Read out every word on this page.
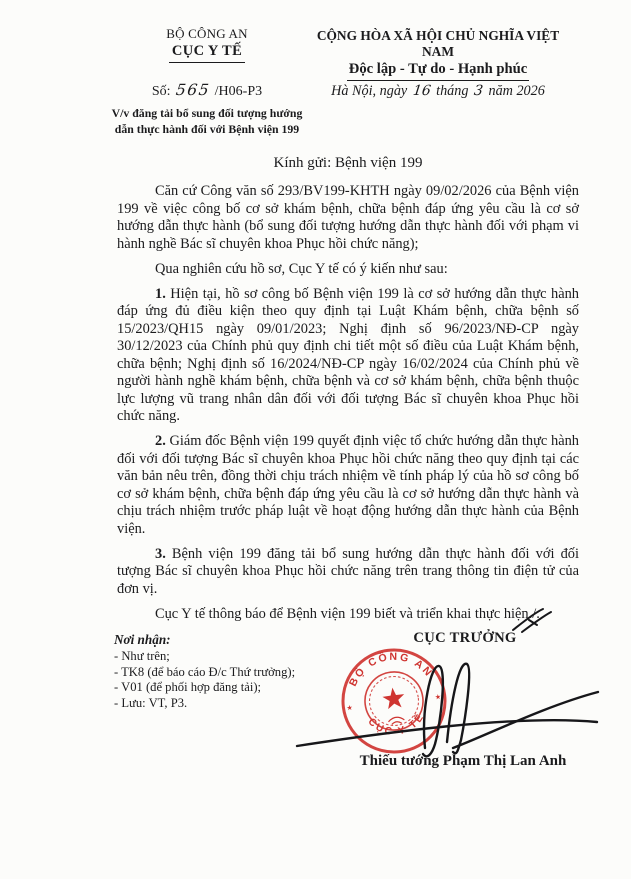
BỘ CÔNG AN
CỤC Y TẾ
CỘNG HÒA XÃ HỘI CHỦ NGHĨA VIỆT NAM
Độc lập - Tự do - Hạnh phúc
Số: 565 /H06-P3	Hà Nội, ngày 16 tháng 3 năm 2026
V/v đăng tải bổ sung đối tượng hướng
dẫn thực hành đối với Bệnh viện 199
Kính gửi: Bệnh viện 199

Căn cứ Công văn số 293/BV199-KHTH ngày 09/02/2026 của Bệnh viện 199 về việc công bố cơ sở khám bệnh, chữa bệnh đáp ứng yêu cầu là cơ sở hướng dẫn thực hành (bổ sung đối tượng hướng dẫn thực hành đối với phạm vi hành nghề Bác sĩ chuyên khoa Phục hồi chức năng);

Qua nghiên cứu hồ sơ, Cục Y tế có ý kiến như sau:

1. Hiện tại, hồ sơ công bố Bệnh viện 199 là cơ sở hướng dẫn thực hành đáp ứng đủ điều kiện theo quy định tại Luật Khám bệnh, chữa bệnh số 15/2023/QH15 ngày 09/01/2023; Nghị định số 96/2023/NĐ-CP ngày 30/12/2023 của Chính phủ quy định chi tiết một số điều của Luật Khám bệnh, chữa bệnh; Nghị định số 16/2024/NĐ-CP ngày 16/02/2024 của Chính phủ về người hành nghề khám bệnh, chữa bệnh và cơ sở khám bệnh, chữa bệnh thuộc lực lượng vũ trang nhân dân đối với đối tượng Bác sĩ chuyên khoa Phục hồi chức năng.

2. Giám đốc Bệnh viện 199 quyết định việc tổ chức hướng dẫn thực hành đối với đối tượng Bác sĩ chuyên khoa Phục hồi chức năng theo quy định tại các văn bản nêu trên, đồng thời chịu trách nhiệm về tính pháp lý của hồ sơ công bố cơ sở khám bệnh, chữa bệnh đáp ứng yêu cầu là cơ sở hướng dẫn thực hành và chịu trách nhiệm trước pháp luật về hoạt động hướng dẫn thực hành của Bệnh viện.

3. Bệnh viện 199 đăng tải bổ sung hướng dẫn thực hành đối với đối tượng Bác sĩ chuyên khoa Phục hồi chức năng trên trang thông tin điện tử của đơn vị.

Cục Y tế thông báo để Bệnh viện 199 biết và triển khai thực hiện./.

Nơi nhận:
- Như trên;
- TK8 (để báo cáo Đ/c Thứ trưởng);
- V01 (để phối hợp đăng tải);
- Lưu: VT, P3.
CỤC TRƯỞNG
BỘ CÔNG AN
CỤC Y TẾ
★
★
Thiếu tướng Phạm Thị Lan Anh
